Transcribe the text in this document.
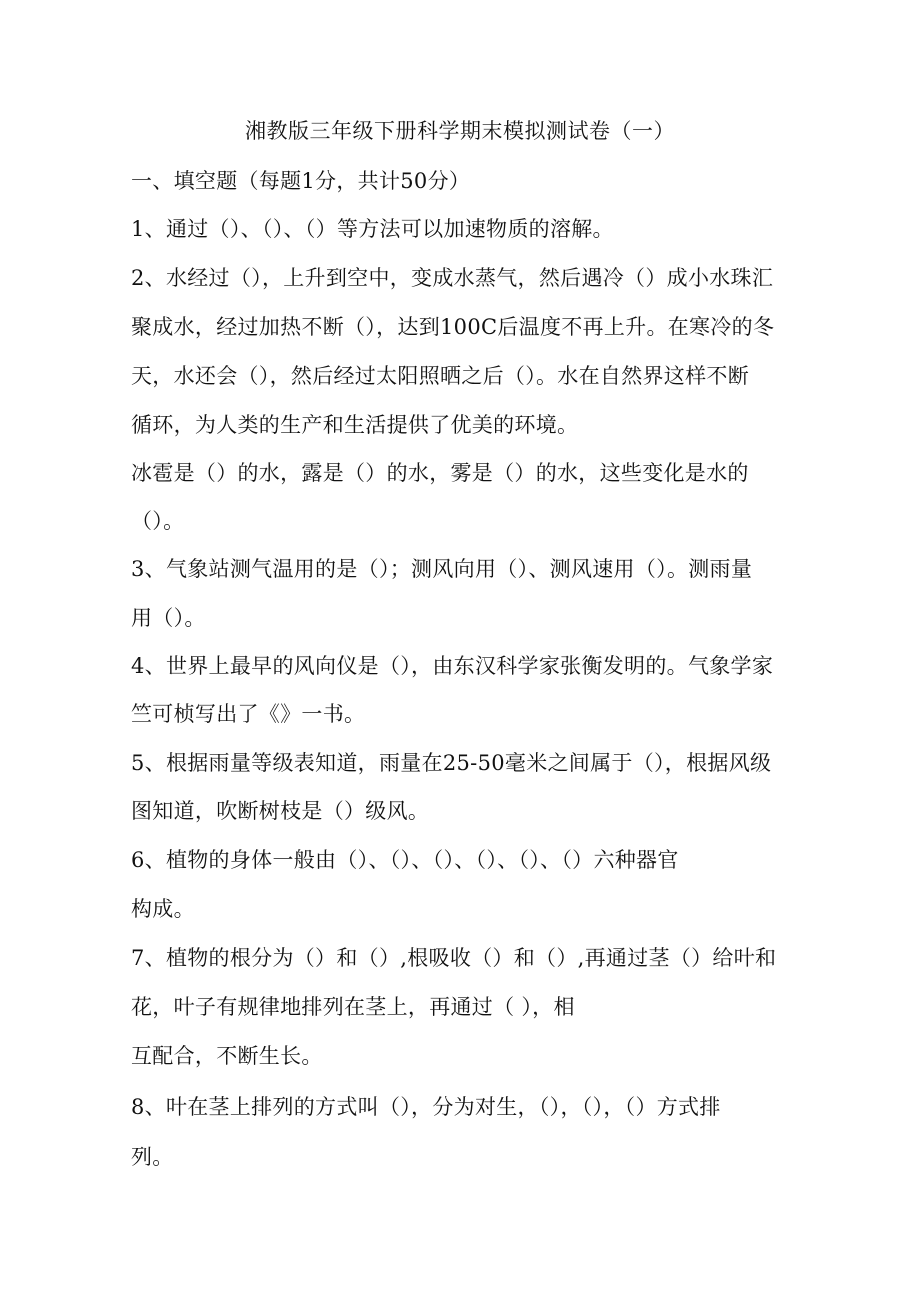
湘教版三年级下册科学期末模拟测试卷（一）
一、填空题（每题1分，共计50分）
1、通过（）、（）、（）等方法可以加速物质的溶解。
2、水经过（），上升到空中，变成水蒸气，然后遇冷（）成小水珠汇
聚成水，经过加热不断（），达到100C后温度不再上升。在寒冷的冬
天，水还会（），然后经过太阳照晒之后（）。水在自然界这样不断
循环，为人类的生产和生活提供了优美的环境。
冰雹是（）的水，露是（）的水，雾是（）的水，这些变化是水的
（）。
3、气象站测气温用的是（）；测风向用（）、测风速用（）。测雨量
用（）。
4、世界上最早的风向仪是（），由东汉科学家张衡发明的。气象学家
竺可桢写出了《》一书。
5、根据雨量等级表知道，雨量在25-50毫米之间属于（），根据风级
图知道，吹断树枝是（）级风。
6、植物的身体一般由（）、（）、（）、（）、（）、（）六种器官
构成。
7、植物的根分为（）和（）,根吸收（）和（）,再通过茎（）给叶和
花，叶子有规律地排列在茎上，再通过（ ），相
互配合，不断生长。
8、叶在茎上排列的方式叫（），分为对生，（），（），（）方式排
列。
